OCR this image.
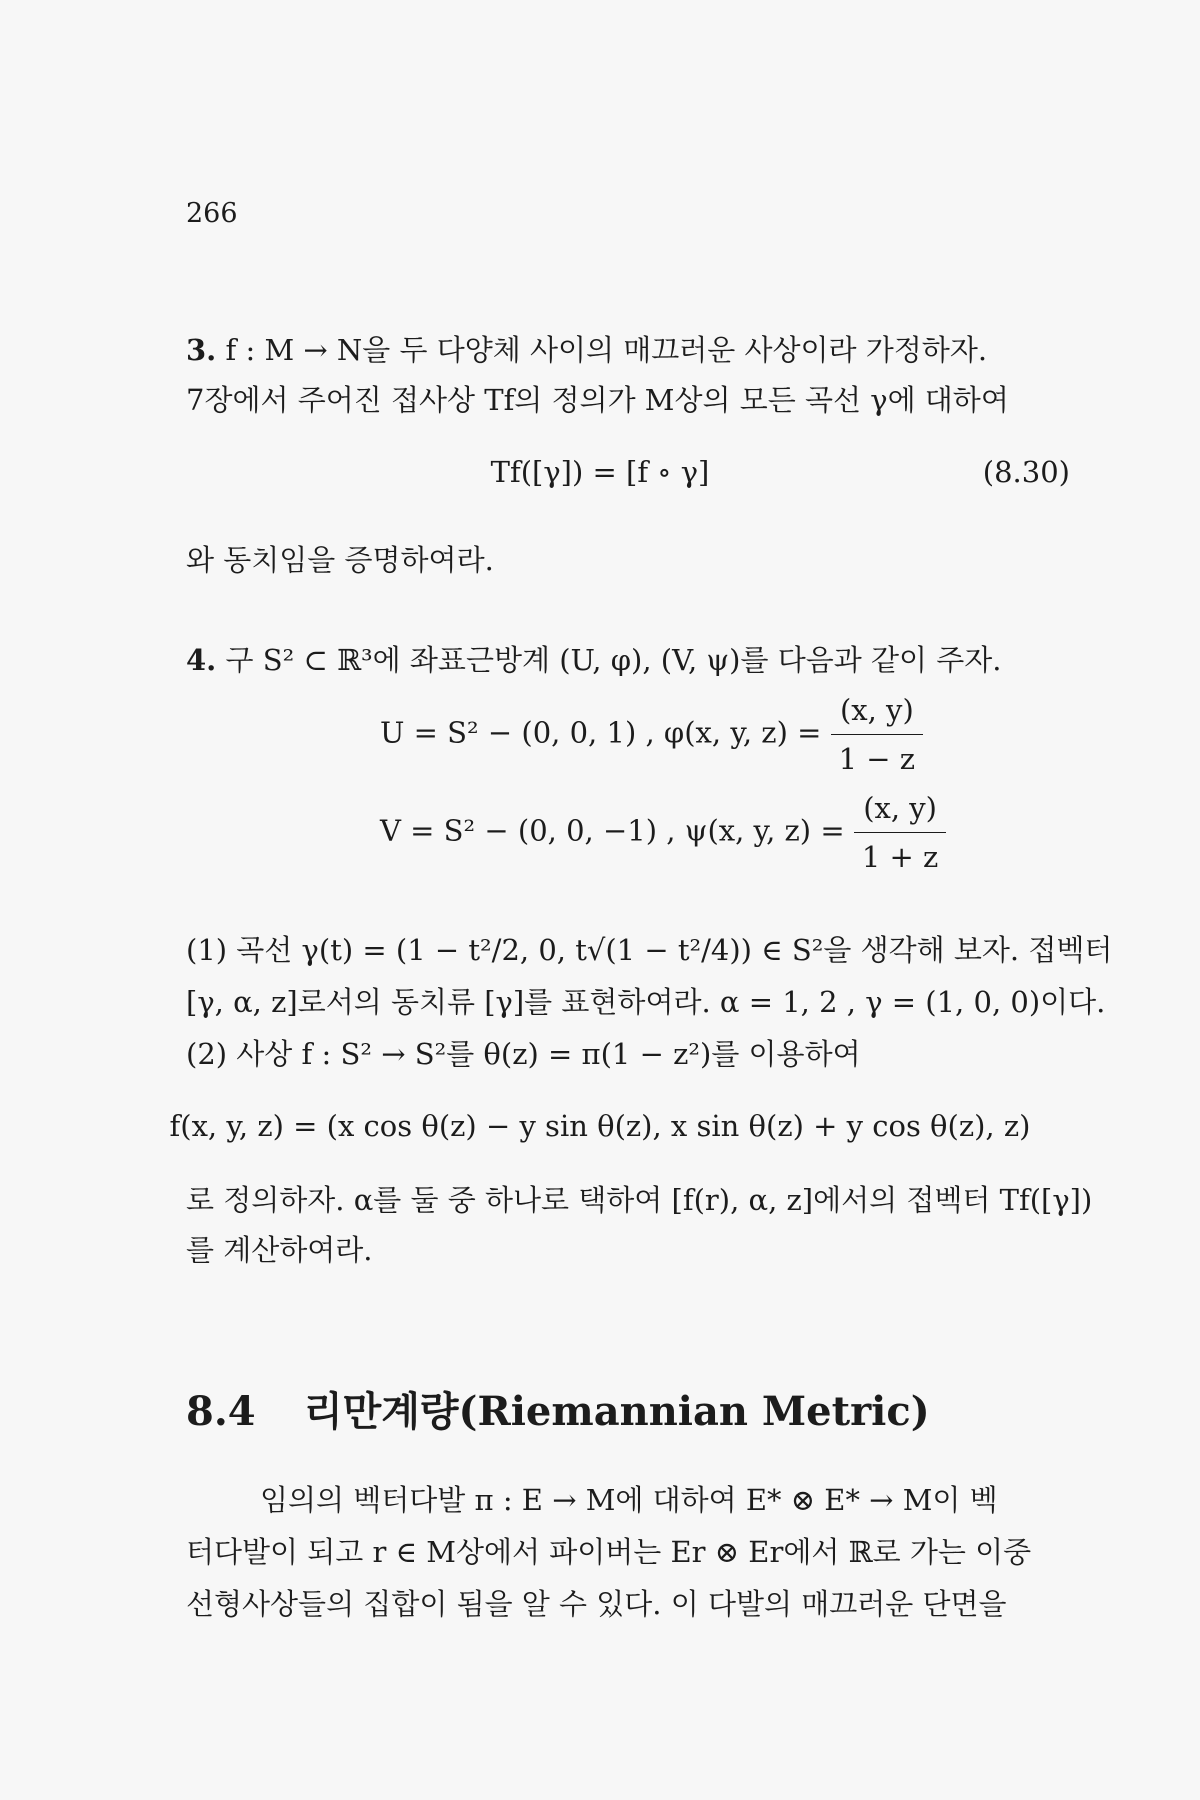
266
3. f : M → N을 두 다양체 사이의 매끄러운 사상이라 가정하자.
7장에서 주어진 접사상 Tf의 정의가 M상의 모든 곡선 γ에 대하여
Tf([γ]) = [f ∘ γ]	(8.30)
와 동치임을 증명하여라.
4. 구 S² ⊂ ℝ³에 좌표근방계 (U, φ), (V, ψ)를 다음과 같이 주자.
U = S² − (0, 0, 1) , φ(x, y, $z) = \frac{(x, y)}{1 - z}$
V = S² − (0, 0, −1) , ψ(x, y, $z) = \frac{(x, y)}{1 + z}$
(1) 곡선 γ(t) = (1 − t²/2, 0, t√(1 − t²/4)) ∈ S²을 생각해 보자. 접벡터
[γ, α, z]로서의 동치류 [γ]를 표현하여라. α = 1, 2 , γ = (1, 0, 0)이다.
(2) 사상 f : S² → S²를 θ(z) = π(1 − z²)를 이용하여
f(x, y, z) = (x cos θ(z) − y sin θ(z), x sin θ(z) + y cos θ(z), z)
로 정의하자. α를 둘 중 하나로 택하여 [f(r), α, z]에서의 접벡터 Tf([γ])
를 계산하여라.
8.4 리만계량(Riemannian Metric)
임의의 벡터다발 π : E → M에 대하여 E* ⊗ E* → M이 벡
터다발이 되고 r ∈ M상에서 파이버는 Er ⊗ Er에서 ℝ로 가는 이중
선형사상들의 집합이 됨을 알 수 있다. 이 다발의 매끄러운 단면을
